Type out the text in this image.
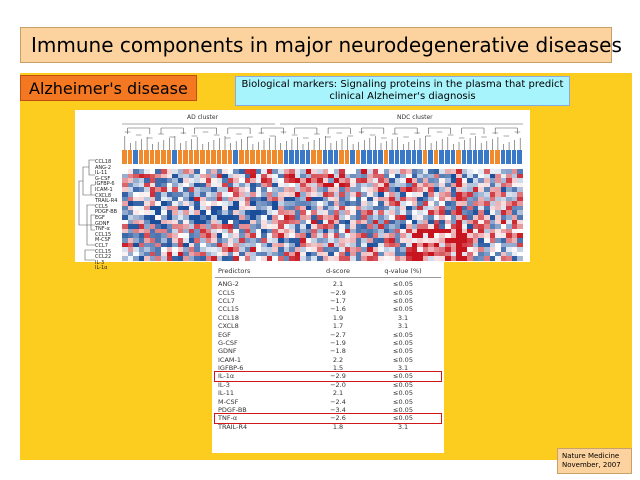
Immune components in major neurodegenerative diseases
Alzheimer's disease	Biological markers: Signaling proteins in the plasma that predict
clinical Alzheimer's diagnosis
AD cluster	NDC cluster
CCL18
ANG-2
IL-11
G-CSF
IGFBP-6
ICAM-1
CXCL8
TRAIL-R4
CCL5
PDGF-BB
EGF
GDNF
TNF-α
CCL15
M-CSF
CCL7
CCL15
CCL22
IL-3
IL-1α	Predictors	d-score	q-value (%)
ANG-2	2.1	≤0.05
CCL5	−2.9	≤0.05
CCL7	−1.7	≤0.05
CCL15	−1.6	≤0.05
CCL18	1.9	3.1
CXCL8	1.7	3.1
EGF	−2.7	≤0.05
G-CSF	−1.9	≤0.05
GDNF	−1.8	≤0.05
ICAM-1	2.2	≤0.05
IGFBP-6	1.5	3.1
IL-1α	−2.9	≤0.05
IL-3	−2.0	≤0.05
IL-11	2.1	≤0.05
M-CSF	−2.4	≤0.05
PDGF-BB	−3.4	≤0.05
TNF-α	−2.6	≤0.05
TRAIL-R4	1.8	3.1
Nature Medicine
November, 2007
